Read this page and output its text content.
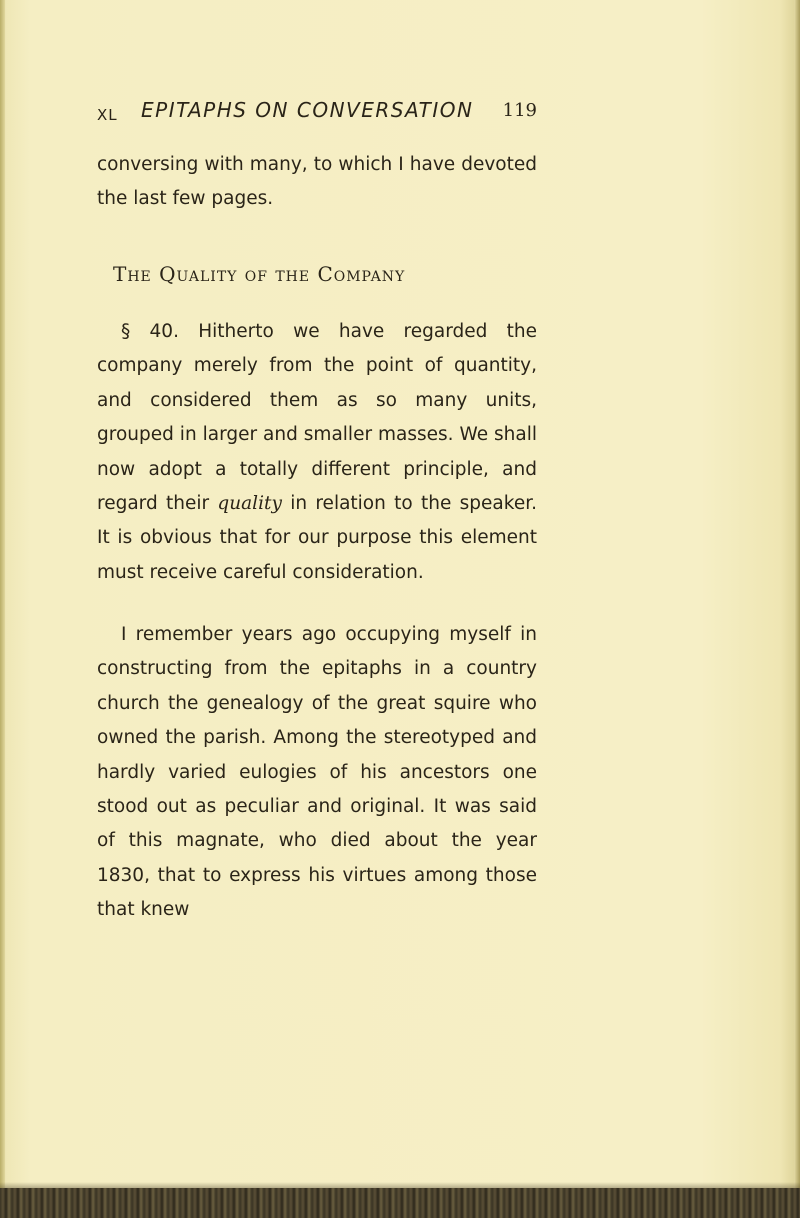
XL EPITAPHS ON CONVERSATION 119
conversing with many, to which I have devoted the last few pages.
The Quality of the Company

§ 40. Hitherto we have regarded the company merely from the point of quantity, and considered them as so many units, grouped in larger and smaller masses. We shall now adopt a totally different principle, and regard their quality in relation to the speaker. It is obvious that for our purpose this element must receive careful consideration.

I remember years ago occupying myself in constructing from the epitaphs in a country church the genealogy of the great squire who owned the parish. Among the stereotyped and hardly varied eulogies of his ancestors one stood out as peculiar and original. It was said of this magnate, who died about the year 1830, that to express his virtues among those that knew
